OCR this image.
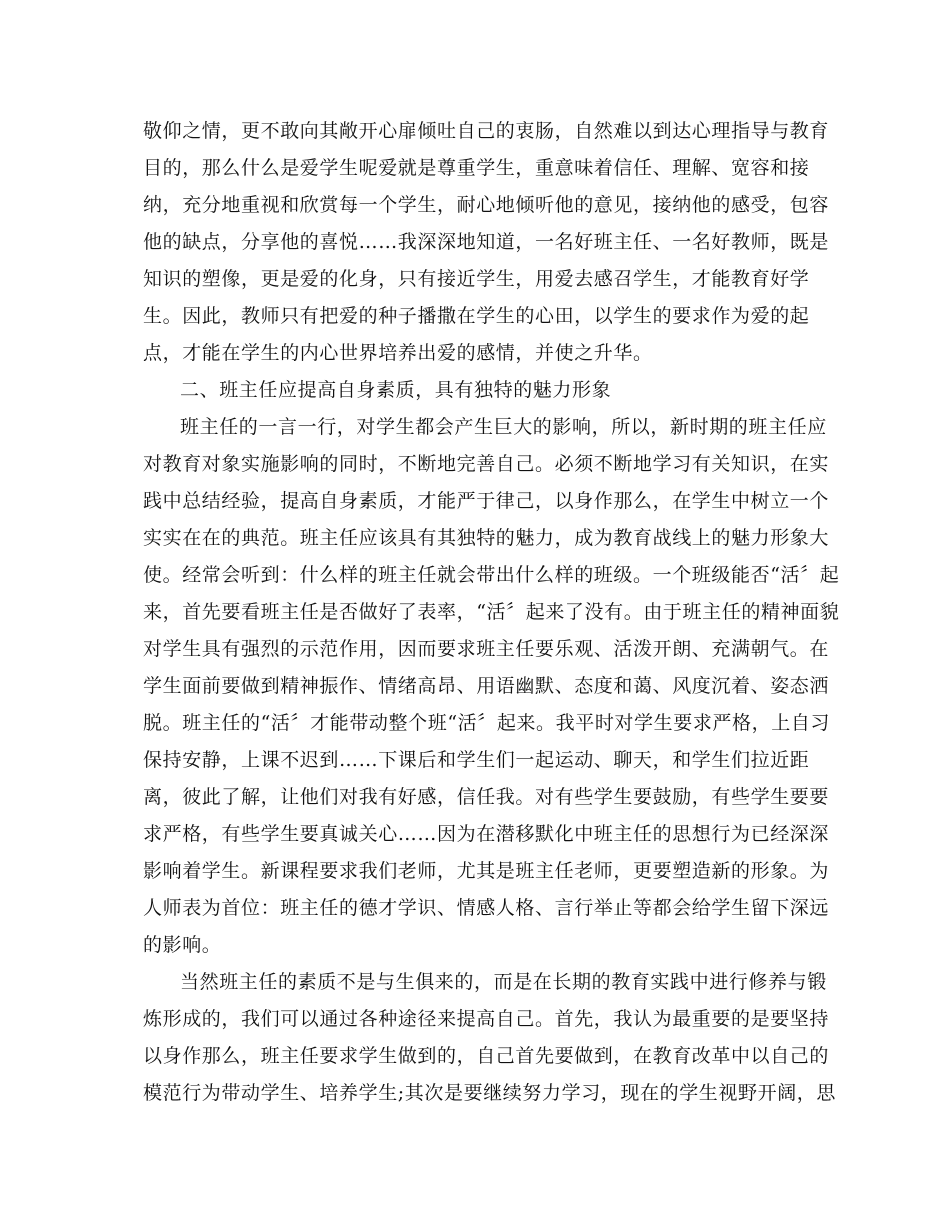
敬仰之情，更不敢向其敞开心扉倾吐自己的衷肠，自然难以到达心理指导与教育
目的，那么什么是爱学生呢爱就是尊重学生，重意味着信任、理解、宽容和接
纳，充分地重视和欣赏每一个学生，耐心地倾听他的意见，接纳他的感受，包容
他的缺点，分享他的喜悦……我深深地知道，一名好班主任、一名好教师，既是
知识的塑像，更是爱的化身，只有接近学生，用爱去感召学生，才能教育好学
生。因此，教师只有把爱的种子播撒在学生的心田，以学生的要求作为爱的起
点，才能在学生的内心世界培养出爱的感情，并使之升华。
二、班主任应提高自身素质，具有独特的魅力形象
班主任的一言一行，对学生都会产生巨大的影响，所以，新时期的班主任应
对教育对象实施影响的同时，不断地完善自己。必须不断地学习有关知识，在实
践中总结经验，提高自身素质，才能严于律己，以身作那么，在学生中树立一个
实实在在的典范。班主任应该具有其独特的魅力，成为教育战线上的魅力形象大
使。经常会听到：什么样的班主任就会带出什么样的班级。一个班级能否“活〞起
来，首先要看班主任是否做好了表率，“活〞起来了没有。由于班主任的精神面貌
对学生具有强烈的示范作用，因而要求班主任要乐观、活泼开朗、充满朝气。在
学生面前要做到精神振作、情绪高昂、用语幽默、态度和蔼、风度沉着、姿态洒
脱。班主任的“活〞才能带动整个班“活〞起来。我平时对学生要求严格，上自习
保持安静，上课不迟到……下课后和学生们一起运动、聊天，和学生们拉近距
离，彼此了解，让他们对我有好感，信任我。对有些学生要鼓励，有些学生要要
求严格，有些学生要真诚关心……因为在潜移默化中班主任的思想行为已经深深
影响着学生。新课程要求我们老师，尤其是班主任老师，更要塑造新的形象。为
人师表为首位：班主任的德才学识、情感人格、言行举止等都会给学生留下深远
的影响。
当然班主任的素质不是与生俱来的，而是在长期的教育实践中进行修养与锻
炼形成的，我们可以通过各种途径来提高自己。首先，我认为最重要的是要坚持
以身作那么，班主任要求学生做到的，自己首先要做到，在教育改革中以自己的
模范行为带动学生、培养学生;其次是要继续努力学习，现在的学生视野开阔，思
